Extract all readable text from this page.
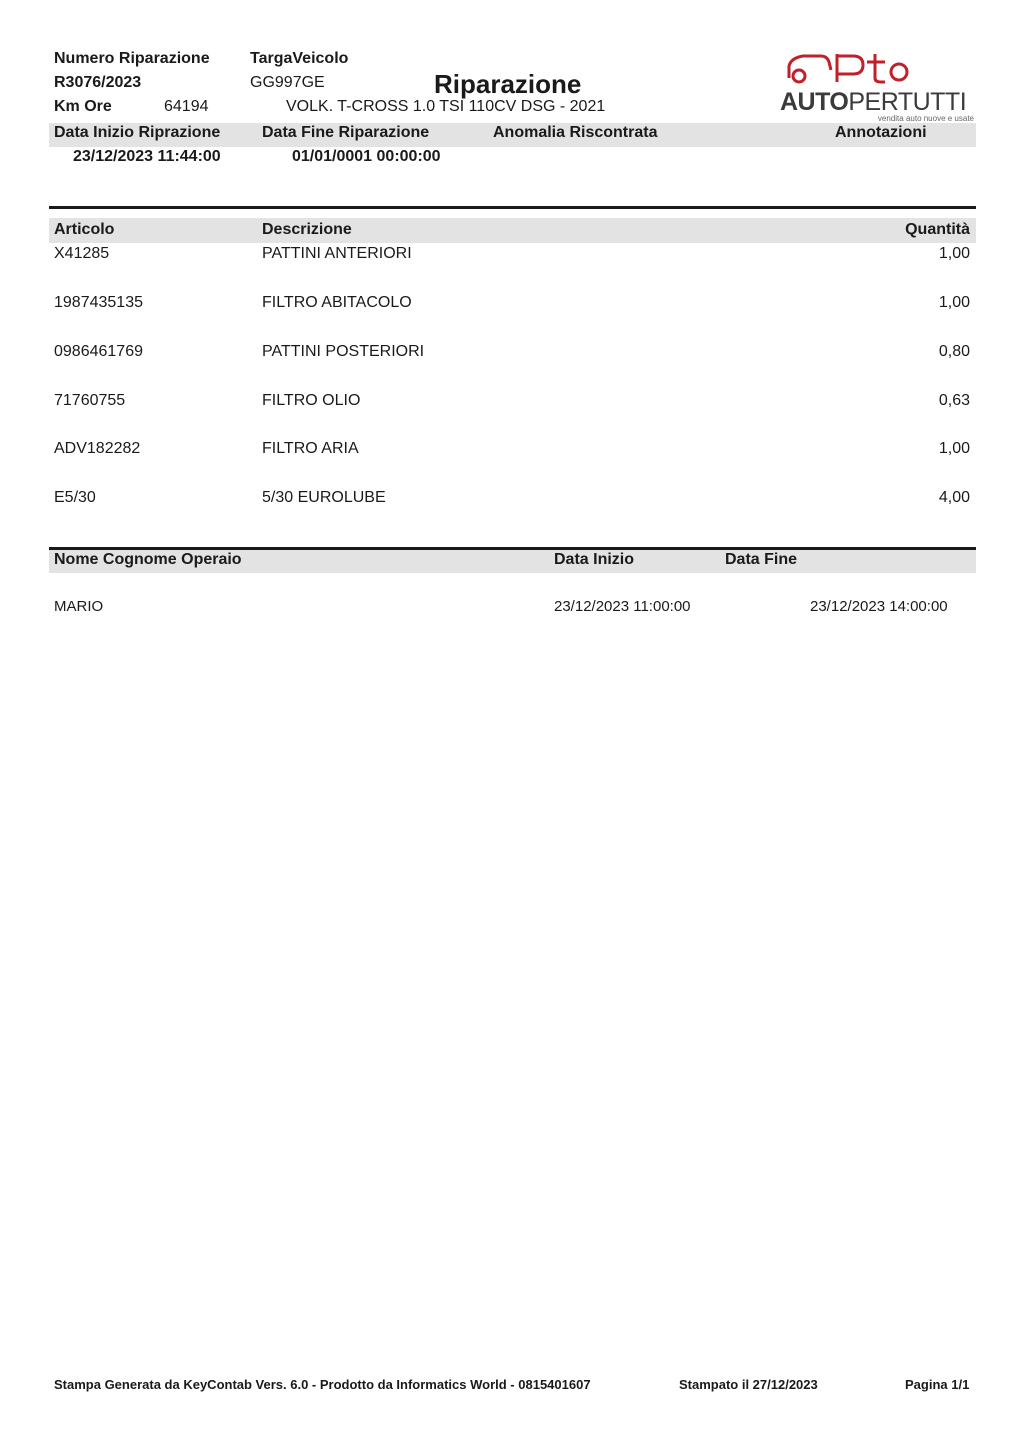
Numero Riparazione
R3076/2023
Km Ore	64194
TargaVeicolo
GG997GE	Riparazione
VOLK. T-CROSS 1.0 TSI 110CV DSG - 2021	AUTOPERTUTTI
vendita auto nuove e usate
Data Inizio Riprazione	Data Fine Riparazione	Anomalia Riscontrata	Annotazioni
23/12/2023 11:44:00	01/01/0001 00:00:00
Articolo	Descrizione	Quantità
X41285	PATTINI ANTERIORI	1,00
1987435135	FILTRO ABITACOLO	1,00
0986461769	PATTINI POSTERIORI	0,80
71760755	FILTRO OLIO	0,63
ADV182282	FILTRO ARIA	1,00
E5/30	5/30 EUROLUBE	4,00
Nome Cognome Operaio	Data Inizio	Data Fine
MARIO	23/12/2023 11:00:00	23/12/2023 14:00:00
Stampa Generata da KeyContab Vers. 6.0 - Prodotto da Informatics World - 0815401607	Stampato il 27/12/2023	Pagina 1/1
